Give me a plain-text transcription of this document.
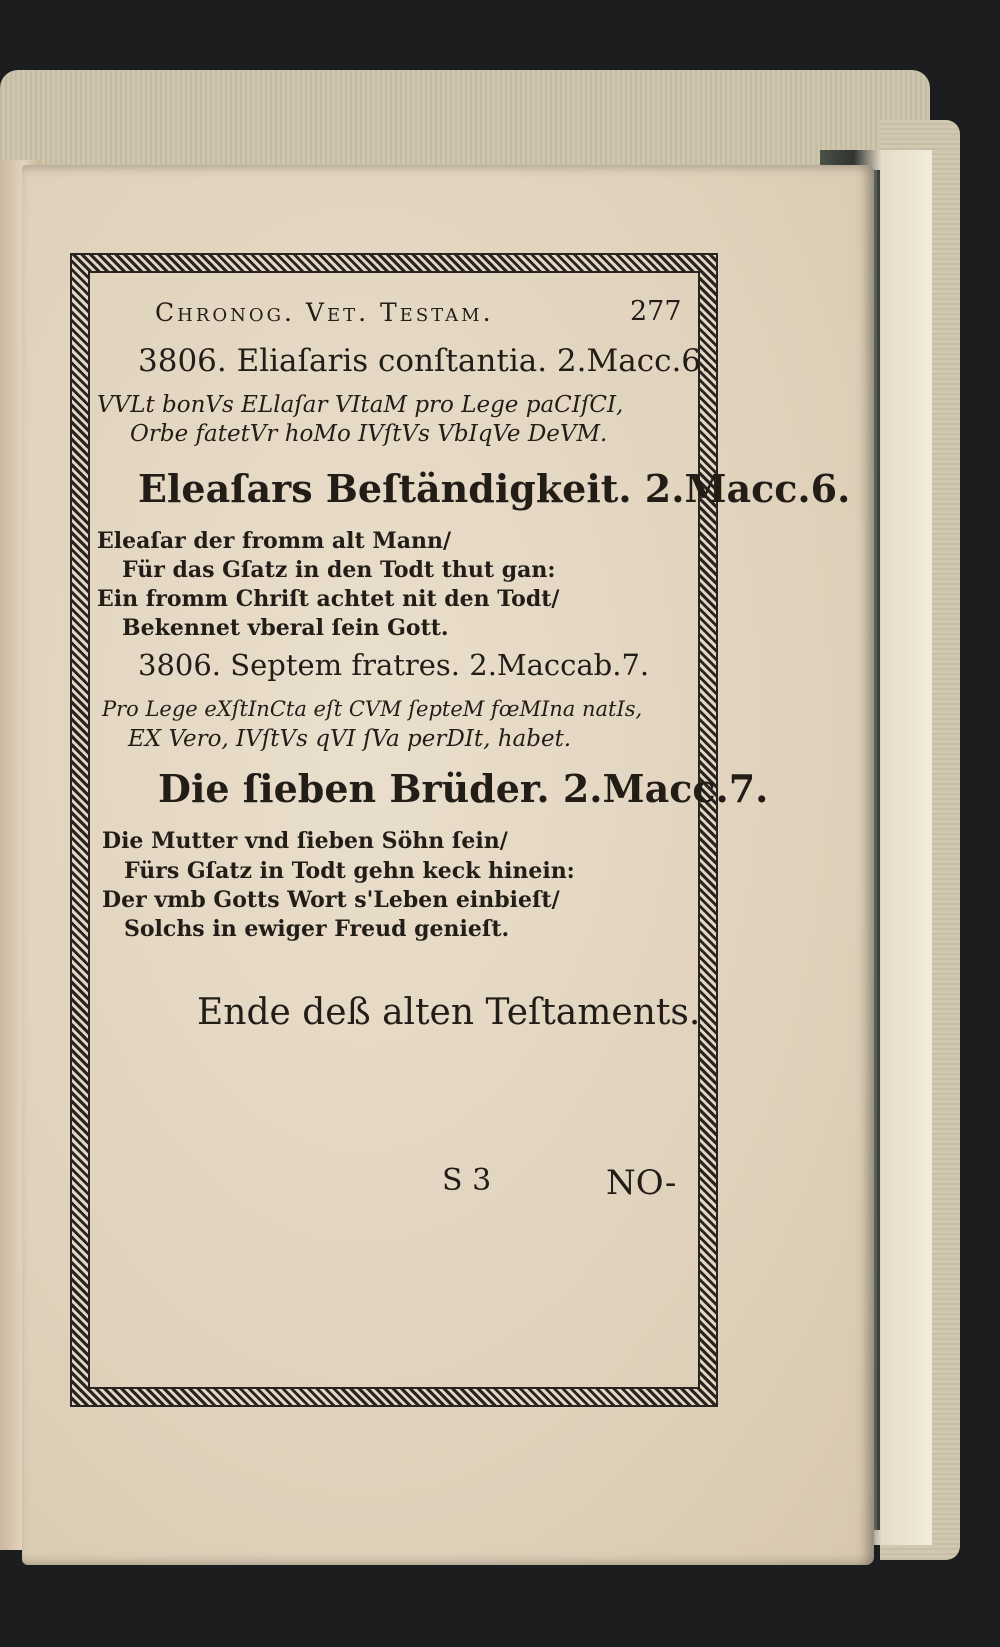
Chronog. Vet. Testam.	277
3806. Eliaſaris conſtantia. 2.Macc.6.
VVLt bonVs ELlaſar VItaM pro Lege paCIſCI,
Orbe fatetVr hoMo IVſtVs VbIqVe DeVM.
Eleaſars Beſtändigkeit. 2.Macc.6.
Eleaſar der fromm alt Mann/
Für das Gſatz in den Todt thut gan:
Ein fromm Chriſt achtet nit den Todt/
Bekennet vberal ſein Gott.
3806. Septem fratres. 2.Maccab.7.
Pro Lege eXſtInCta eſt CVM ſepteM fœMIna natIs,
EX Vero, IVſtVs qVI ſVa perDIt, habet.
Die ſieben Brüder. 2.Macc.7.
Die Mutter vnd ſieben Söhn ſein/
Fürs Gſatz in Todt gehn keck hinein:
Der vmb Gotts Wort s'Leben einbieſt/
Solchs in ewiger Freud genieſt.
Ende deß alten Teſtaments.
S 3	NO-
